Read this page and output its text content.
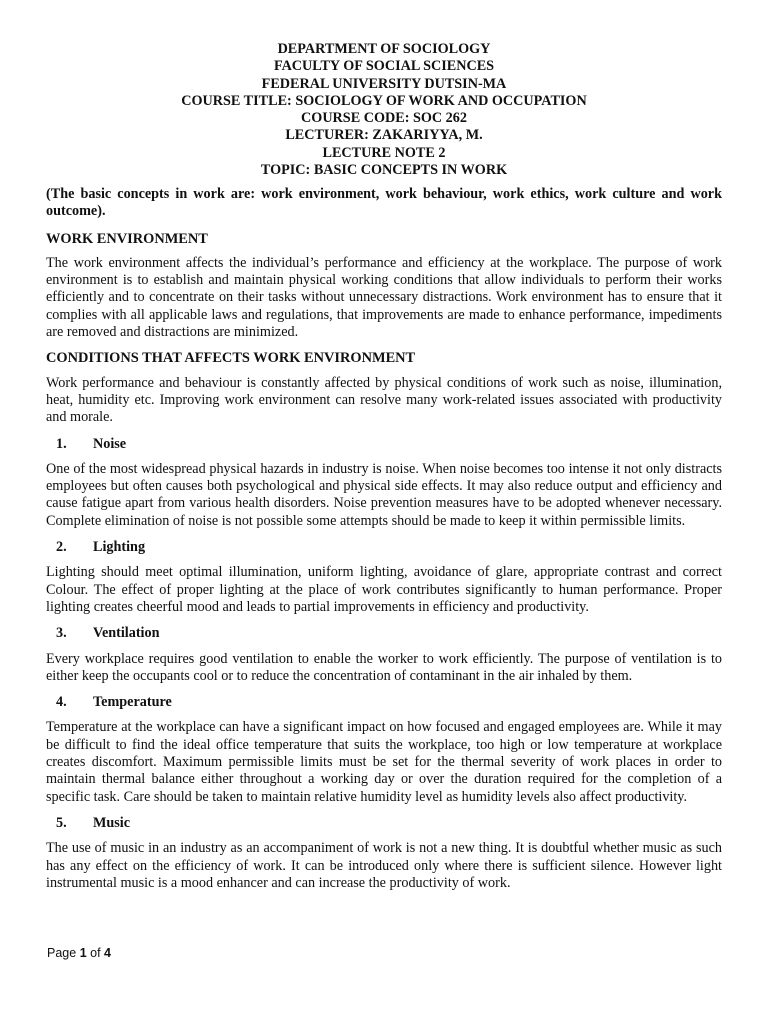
DEPARTMENT OF SOCIOLOGY
FACULTY OF SOCIAL SCIENCES
FEDERAL UNIVERSITY DUTSIN-MA
COURSE TITLE: SOCIOLOGY OF WORK AND OCCUPATION
COURSE CODE: SOC 262
LECTURER: ZAKARIYYA, M.
LECTURE NOTE 2
TOPIC: BASIC CONCEPTS IN WORK

(The basic concepts in work are: work environment, work behaviour, work ethics, work culture and work outcome).

WORK ENVIRONMENT

The work environment affects the individual’s performance and efficiency at the workplace. The purpose of work environment is to establish and maintain physical working conditions that allow individuals to perform their works efficiently and to concentrate on their tasks without unnecessary distractions. Work environment has to ensure that it complies with all applicable laws and regulations, that improvements are made to enhance performance, impediments are removed and distractions are minimized.

CONDITIONS THAT AFFECTS WORK ENVIRONMENT

Work performance and behaviour is constantly affected by physical conditions of work such as noise, illumination, heat, humidity etc. Improving work environment can resolve many work-related issues associated with productivity and morale.

1. Noise

One of the most widespread physical hazards in industry is noise. When noise becomes too intense it not only distracts employees but often causes both psychological and physical side effects. It may also reduce output and efficiency and cause fatigue apart from various health disorders. Noise prevention measures have to be adopted whenever necessary. Complete elimination of noise is not possible some attempts should be made to keep it within permissible limits.

2. Lighting

Lighting should meet optimal illumination, uniform lighting, avoidance of glare, appropriate contrast and correct Colour. The effect of proper lighting at the place of work contributes significantly to human performance. Proper lighting creates cheerful mood and leads to partial improvements in efficiency and productivity.

3. Ventilation

Every workplace requires good ventilation to enable the worker to work efficiently. The purpose of ventilation is to either keep the occupants cool or to reduce the concentration of contaminant in the air inhaled by them.

4. Temperature

Temperature at the workplace can have a significant impact on how focused and engaged employees are. While it may be difficult to find the ideal office temperature that suits the workplace, too high or low temperature at workplace creates discomfort. Maximum permissible limits must be set for the thermal severity of work places in order to maintain thermal balance either throughout a working day or over the duration required for the completion of a specific task. Care should be taken to maintain relative humidity level as humidity levels also affect productivity.

5. Music

The use of music in an industry as an accompaniment of work is not a new thing. It is doubtful whether music as such has any effect on the efficiency of work. It can be introduced only where there is sufficient silence. However light instrumental music is a mood enhancer and can increase the productivity of work.

Page 1 of 4
